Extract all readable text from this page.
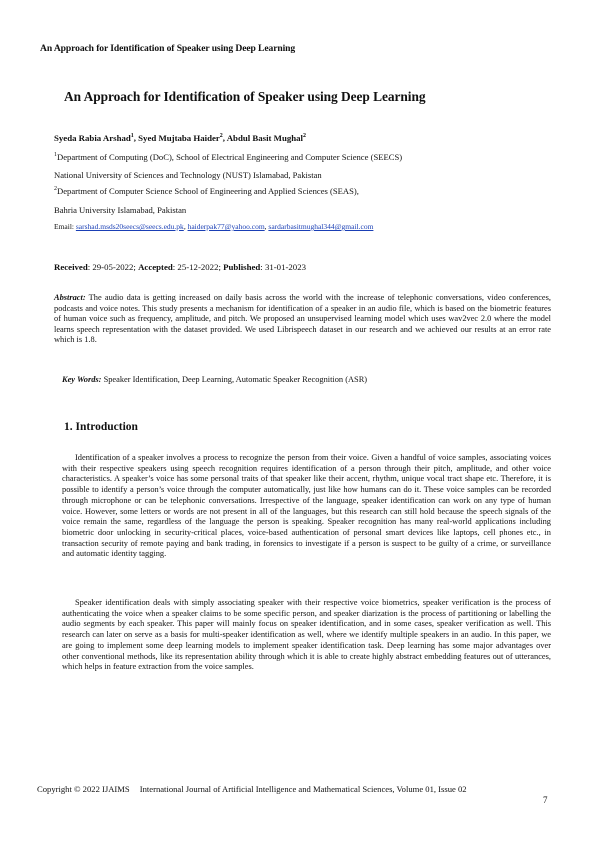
An Approach for Identification of Speaker using Deep Learning
An Approach for Identification of Speaker using Deep Learning
Syeda Rabia Arshad$^1$, Syed Mujtaba Haider$^2$, Abdul Basit Mughal$^2$
$^1$Department of Computing (DoC), School of Electrical Engineering and Computer Science (SEECS)
National University of Sciences and Technology (NUST) Islamabad, Pakistan
$^2$Department of Computer Science School of Engineering and Applied Sciences (SEAS),
Bahria University Islamabad, Pakistan
Email: sarshad.msds20seecs@seecs.edu.pk, haiderpak77@yahoo.com, sardarbasitmughal344@gmail.com
Received: 29-05-2022; Accepted: 25-12-2022; Published: 31-01-2023
Abstract: The audio data is getting increased on daily basis across the world with the increase of telephonic conversations, video conferences, podcasts and voice notes. This study presents a mechanism for identification of a speaker in an audio file, which is based on the biometric features of human voice such as frequency, amplitude, and pitch. We proposed an unsupervised learning model which uses wav2vec 2.0 where the model learns speech representation with the dataset provided. We used Librispeech dataset in our research and we achieved our results at an error rate which is 1.8.
Key Words: Speaker Identification, Deep Learning, Automatic Speaker Recognition (ASR)
1. Introduction

Identification of a speaker involves a process to recognize the person from their voice. Given a handful of voice samples, associating voices with their respective speakers using speech recognition requires identification of a person through their pitch, amplitude, and other voice characteristics. A speaker’s voice has some personal traits of that speaker like their accent, rhythm, unique vocal tract shape etc. Therefore, it is possible to identify a person’s voice through the computer automatically, just like how humans can do it. These voice samples can be recorded through microphone or can be telephonic conversations. Irrespective of the language, speaker identification can work on any type of human voice. However, some letters or words are not present in all of the languages, but this research can still hold because the speech signals of the voice remain the same, regardless of the language the person is speaking. Speaker recognition has many real-world applications including biometric door unlocking in security-critical places, voice-based authentication of personal smart devices like laptops, cell phones etc., in transaction security of remote paying and bank trading, in forensics to investigate if a person is suspect to be guilty of a crime, or surveillance and automatic identity tagging.

Speaker identification deals with simply associating speaker with their respective voice biometrics, speaker verification is the process of authenticating the voice when a speaker claims to be some specific person, and speaker diarization is the process of partitioning or labelling the audio segments by each speaker. This paper will mainly focus on speaker identification, and in some cases, speaker verification as well. This research can later on serve as a basis for multi-speaker identification as well, where we identify multiple speakers in an audio. In this paper, we are going to implement some deep learning models to implement speaker identification task. Deep learning has some major advantages over other conventional methods, like its representation ability through which it is able to create highly abstract embedding features out of utterances, which helps in feature extraction from the voice samples.

Copyright © 2022 IJAIMS International Journal of Artificial Intelligence and Mathematical Sciences, Volume 01, Issue 02
7
